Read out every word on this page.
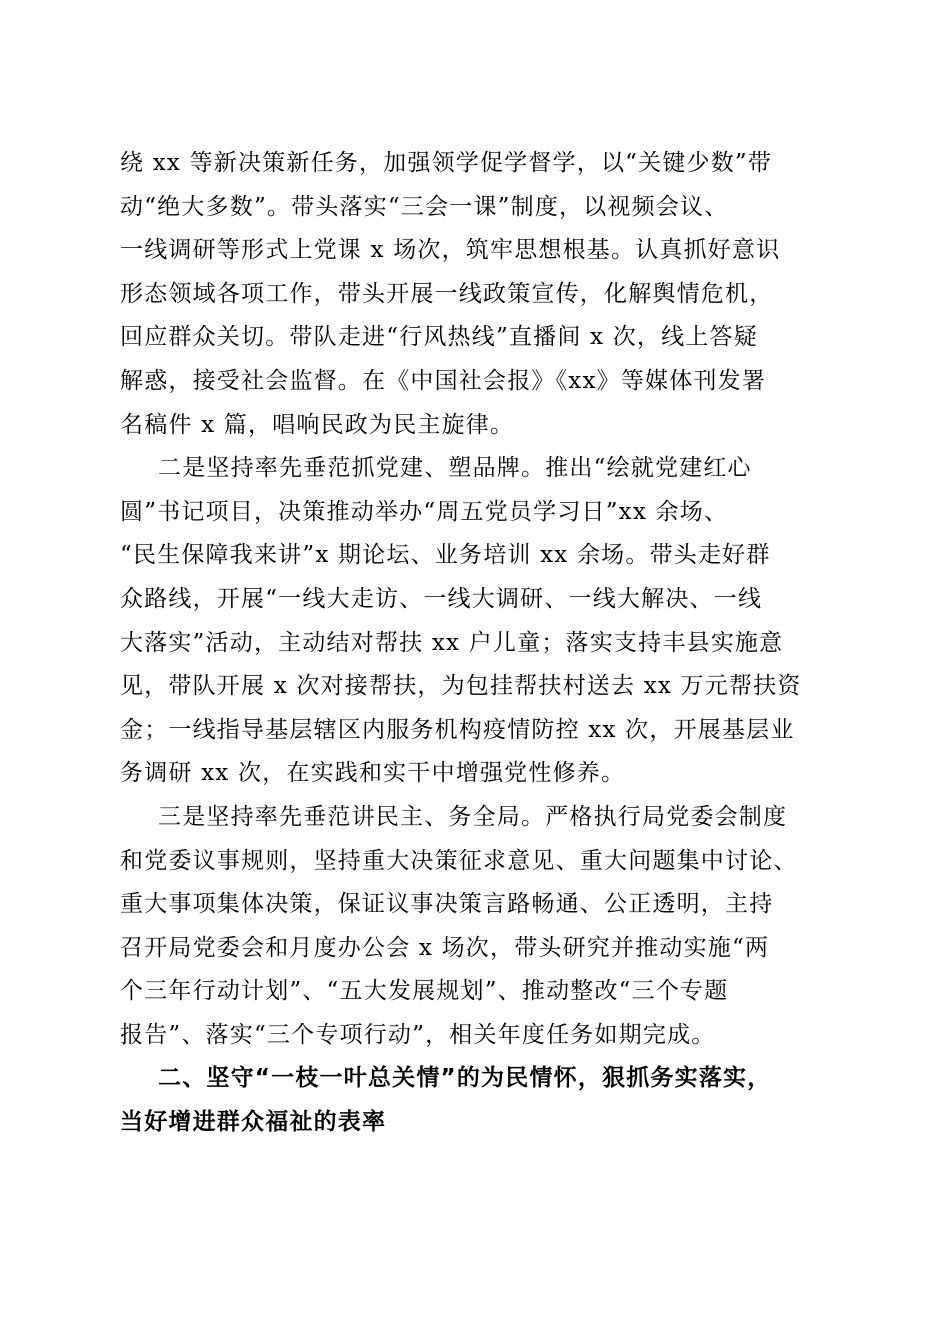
绕 xx 等新决策新任务，加强领学促学督学，以“关键少数”带
动“绝大多数”。带头落实“三会一课”制度，以视频会议、
一线调研等形式上党课 x 场次，筑牢思想根基。认真抓好意识
形态领域各项工作，带头开展一线政策宣传，化解舆情危机，
回应群众关切。带队走进“行风热线”直播间 x 次，线上答疑
解惑，接受社会监督。在《中国社会报》《xx》等媒体刊发署
名稿件 x 篇，唱响民政为民主旋律。

二是坚持率先垂范抓党建、塑品牌。推出“绘就党建红心
圆”书记项目，决策推动举办“周五党员学习日”xx 余场、
“民生保障我来讲”x 期论坛、业务培训 xx 余场。带头走好群
众路线，开展“一线大走访、一线大调研、一线大解决、一线
大落实”活动，主动结对帮扶 xx 户儿童；落实支持丰县实施意
见，带队开展 x 次对接帮扶，为包挂帮扶村送去 xx 万元帮扶资
金；一线指导基层辖区内服务机构疫情防控 xx 次，开展基层业
务调研 xx 次，在实践和实干中增强党性修养。

三是坚持率先垂范讲民主、务全局。严格执行局党委会制度
和党委议事规则，坚持重大决策征求意见、重大问题集中讨论、
重大事项集体决策，保证议事决策言路畅通、公正透明，主持
召开局党委会和月度办公会 x 场次，带头研究并推动实施“两
个三年行动计划”、“五大发展规划”、推动整改“三个专题
报告”、落实“三个专项行动”，相关年度任务如期完成。

二、坚守“一枝一叶总关情”的为民情怀，狠抓务实落实，
当好增进群众福祉的表率
